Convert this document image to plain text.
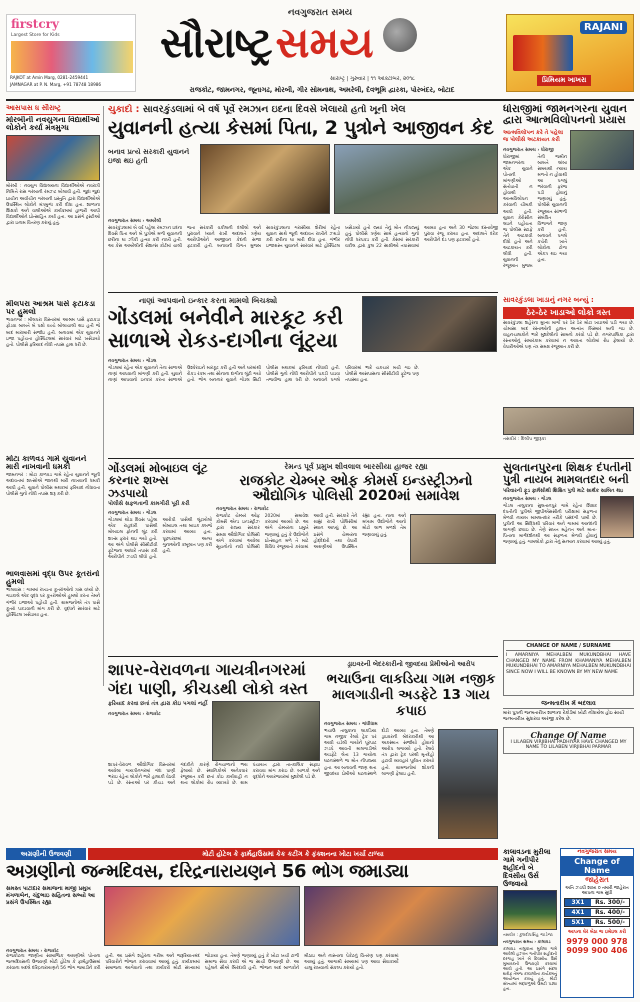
firstcry
Largest Store for Kids
RAJKOT at Amin Marg, 0281-2459441
JAMNAGAR at P. N. Marg, +91 78748 18986
નવગુજરાત સમય
સૌરાષ્ટ્રસમય
સૌરાષ્ટ્ર | ગુરુવાર | ૧૧ ઓક્ટોબર, ૨૦૧૮
રાજકોટ, જામનગર, જૂનાગઢ, મોરબી, ગીર સોમનાથ, અમરેલી, દેવભૂમિ દ્વારકા, પોરબંદર, બોટાદ
RAJANI
પ્રિમિયમ ખાખરા
આસપાસ ધ સૌરાષ્ટ્ર
મોરબીની નવયુગના વિદ્યાર્થીઓ લોકોને કર્યા મંત્રમુગ્ધ
મોરબી : નવયુગ વિદ્યાલયના વિદ્યાર્થીઓએ નવરાત્રી નિમિત્તે રાસ ગરબાની રમઝટ બોલાવી હતી. જુદા જુદા પ્રાચીન અર્વાચીન ગરબાની પ્રસ્તુતિ દ્વારા વિદ્યાર્થીઓએ ઉપસ્થિત લોકોને મંત્રમુગ્ધ કરી દીધા હતા. શાળાના શિક્ષકો અને વાલીઓએ કાર્યક્રમમાં હાજરી આપી વિદ્યાર્થીઓને પ્રોત્સાહિત કર્યા હતા. આ પ્રસંગે ટ્રસ્ટીઓ દ્વારા ઇનામ વિતરણ કરાયું હતું.
મીલપરા આશ્રમ પાસે ફટાકડા પર હુમલો
ભાવનગર : મીલપરા વિસ્તારમાં આશ્રમ પાસે ફટાકડા ફોડવા બાબતે બે પક્ષો વચ્ચે બોલાચાલી થઇ હતી જે બાદ મારામારી સર્જાઇ હતી. બનાવમાં એક યુવાનને ઇજા પહોંચતા હોસ્પિટલમાં સારવાર માટે ખસેડાયો હતો. પોલીસે ફરિયાદ નોંધી તપાસ હાથ ધરી છે.
મોટા કાળવડ ગામે યુવાનને મારી નાખવાની ધમકી
જામનગર : મોટા કાળવડ ગામે રહેતા યુવાનને જૂની અદાવતમાં શખ્સોએ જાનથી મારી નાખવાની ધમકી આપી હતી. યુવાને પોલીસ મથકમાં ફરિયાદ નોંધાવતા પોલીસે ગુનો નોંધી તપાસ શરૂ કરી છે.
ભાલવાસમાં વૃદ્ધ ઉપર કૂતરાંનો હુમલો
ભાલવાસ : ગામમાં રખડતા કૂતરાંઓનો ત્રાસ વધ્યો છે. ગઇકાલે એક વૃદ્ધ પર કૂતરાંઓએ હુમલો કરતા તેમને ગંભીર ઇજાઓ પહોંચી હતી. ગ્રામજનોએ તંત્ર પાસે કૂતરાં પકડવાની માંગ કરી છે. વૃદ્ધને સારવાર માટે હોસ્પિટલ ખસેડાયા હતા.
ચુકાદો : સાવરકુંડલામાં બે વર્ષ પૂર્વે રમઝાન ઇદના દિવસે ખેલાયો હતો ખૂની ખેલ
યુવાનની હત્યા કેસમાં પિતા, 2 પુત્રોને આજીવન કેદ
બનાવ પ્રત્યે સરકારી યુવાનને ઇજા થઇ હતી
નવગુજરાત સમય › અમરેલી
સાવરકુંડલામાં બે વર્ષ પહેલા રમઝાન ઇદના દિવસે પિતા અને બે પુત્રોએ મળી યુવાનની છરીના ઘા ઝીંકી હત્યા કરી નાખી હતી. આ કેસ અમરેલીની સેશન્સ કોર્ટમાં ચાલી જતા સરકારી વકીલની દલીલો અને પુરાવાને ધ્યાને રાખી અદાલતે ત્રણેય આરોપીઓને આજીવન કેદની સજા ફટકારી હતી. બનાવની વિગત મુજબ સાવરકુંડલાના ગરાસીયા શેરીમાં રહેતા યુવાન સાથે જૂની અદાવત રાખીને ઝઘડો કરી છરીના ઘા મારી દીધા હતા. ગંભીર ઇજાગ્રસ્ત યુવાનને સારવાર માટે હોસ્પિટલ ખસેડાયો હતો જ્યાં તેનું મોત નીપજ્યું હતું. પોલીસે ત્રણેય સામે હત્યાનો ગુનો નોંધી ધરપકડ કરી હતી. કેસમાં સરકારી વકીલ દ્વારા કુલ 22 સાક્ષીઓ તપાસવામાં આવ્યા હતા અને 30 જેટલા દસ્તાવેજી પુરાવા રજૂ કરાયા હતા. અદાલતે દરેક આરોપીને દંડ પણ ફટકાર્યો હતો.
ધોરાજીમાં જામનગરના યુવાન દ્વારા આત્મવિલોપનનો પ્રયાસ
આત્મવિલોપન કરે તે પહેલા જ પોલીસે અટકાયત કરી
નવગુજરાત સમય › ધોરાજી
ધોરાજીમાં જામનગરના એક યુવાને પોતાની માંગણીઓ સંતોષાતી ન હોવાથી આત્મવિલોપન કરવાની ચીમકી આપી હતી. યુવાન કેરોસીન લઇને પહોંચતા જ પોલીસ સ્ટાફે તેને અટકાવી દીધો હતો અને અટકાયત કરી લીધી હતી. યુવાનની રજૂઆત મુજબ તેની જમીન બાબતે લાંબા સમયથી ન્યાય મળતો ન હોવાથી આ પગલું ભરવાની ફરજ પડી હોવાનું જણાવ્યું હતું. પોલીસે યુવાનની રજૂઆત સાંભળી સંબંધિત વિભાગને જાણ કરી હતી. બનાવને પગલે કચેરી ખાતે લોકોના ટોળા એકત્ર થઇ ગયા હતા.
નાણાં આપવાનો ઇન્કાર કરતા મામલો બિચક્યો
ગોંડલમાં બનેવીને મારકૂટ કરી સાળાએ રોકડ-દાગીના લૂંટ્યા
નવગુજરાત સમય › ગોંડલ
ગોંડલમાં રહેતા એક યુવાનને તેના સાળાએ નાણાં આપવાની માંગણી કરી હતી. યુવાને નાણાં આપવાનો ઇન્કાર કરતા સાળાએ ઉશ્કેરાઇને મારકૂટ કરી હતી અને ઘરમાંથી રોકડ રકમ તથા સોનાના દાગીના લૂંટી ગયો હતો. ભોગ બનનાર યુવાને ગોંડલ સિટી પોલીસ મથકમાં ફરિયાદ નોંધાવી હતી. પોલીસે ગુનો નોંધી આરોપીને પકડી પાડવા તજવીજ હાથ ધરી છે. બનાવને પગલે પરિવારમાં ભારે ચકચાર મચી ગઇ છે. પોલીસે આસપાસના સીસીટીવી ફૂટેજ પણ તપાસ્યા હતા.
સાવરકુંડલા ખાડાનું નગર બન્યું :
ઠેર-ઠેર ખાડાઓ લોકો ત્રસ્ત
સાવરકુંડલા શહેરના મુખ્ય માર્ગો પર ઠેર ઠેર મોટા ખાડાઓ પડી ગયા છે. ચોમાસા બાદ રસ્તાઓની હાલત અત્યંત બિસ્માર બની ગઇ છે. વાહનચાલકોને ભારે મુશ્કેલીનો સામનો કરવો પડે છે. નગરપાલિકા દ્વારા રસ્તાઓનું સમારકામ કરવામાં ન આવતા લોકોમાં રોષ ફેલાયો છે. વેપારીઓએ પણ તંત્ર સમક્ષ રજૂઆત કરી છે.
તસવીર : દિલીપ જીરૂકા
ગોંડલમાં મોબાઇલ લૂંટ કરનાર શખ્સ ઝડપાયો
પોલીસે સફળતાની કામગીરી પૂરી કરી
નવગુજરાત સમય › ગોંડલ
ગોંડલમાં થોડા દિવસ પહેલા એક રાહદારી પાસેથી મોબાઇલ ફોનની લૂંટ કરી શખ્સ ફરાર થઇ ગયો હતો. આ અંગે પોલીસે સીસીટીવી ફૂટેજના આધારે તપાસ કરી આરોપીને ઝડપી લીધો હતો. આરોપી પાસેથી લૂંટાયેલો મોબાઇલ તથા બાઇક કબજે કરવામાં આવ્યા હતા. પૂછપરછમાં અન્ય ગુનાઓની કબૂલાત પણ કરી હતી.
રેમન્ડ પૂર્વ પ્રમુખ શીવલાલ બારસીયા હાજર રહ્યા
રાજકોટ ચેમ્બર ઓફ કોમર્સ ઇન્ડસ્ટ્રીઝનો ઔદ્યોગિક પોલિસી 2020માં સમાવેશ
નવગુજરાત સમય › રાજકોટ
રાજકોટ ચેમ્બર ઓફ કોમર્સ એન્ડ ઇન્ડસ્ટ્રીઝ દ્વારા રાજ્ય સરકાર સમક્ષ ઔદ્યોગિક પોલિસી અંગે કરવામાં આવેલા સૂચનોનો નવી પોલિસી 2020માં સમાવેશ કરવામાં આવ્યો છે. આ અંગે ચેમ્બરના પ્રમુખે જણાવ્યું હતું કે ઉદ્યોગોને પ્રોત્સાહન મળે તે માટે વિવિધ રજૂઆતો કરવામાં આવી હતી. સરકારે તેને ગ્રાહ્ય રાખી પોલિસીમાં સ્થાન આપ્યું છે. આ પ્રસંગે ચેમ્બરના હોદ્દેદારો તથા વેપારી અગ્રણીઓ ઉપસ્થિત રહ્યા હતા. નાના અને મધ્યમ ઉદ્યોગોને આનો મોટો લાભ મળશે તેમ જણાવાયું હતું.
સુલતાનપુરના શિક્ષક દંપતીની પુત્રી નાયબ મામલતદાર બની
પરિવારની ફૂડ ફાર્મસીથી શિક્ષિત પુત્રી માટે સાર્થક સાબિત થઇ
નવગુજરાત સમય › ગોંડલ
ગોંડલ તાલુકાના સુલતાનપુર ગામે રહેતા શિક્ષક દંપતીની પુત્રીએ જીપીએસસીની પરીક્ષામાં સફળતા મેળવી નાયબ મામલતદાર તરીકે પસંદગી પામી છે. પુત્રીની આ સિદ્ધિથી પરિવાર અને ગામમાં આનંદની લાગણી છવાઇ છે. તેણે સખત મહેનત અને માતા-પિતાના માર્ગદર્શનથી આ સફળતા મેળવી હોવાનું જણાવ્યું હતું. ગામલોકો દ્વારા તેનું સન્માન કરવામાં આવ્યું હતું.
CHANGE OF NAME / SURNAME
I AMARNIYA MEHALBEN MUKUNDBHAI HAVE CHANGED MY NAME FROM KHAMANIYA MEHALBEN MUKUNDBHAI TO AMARNIYA MEHALBEN MUKUNDBHAI SINCE NOW I WILL BE KNOWN BY MY NEW NAME
શાપર-વેરાવળના ગાયત્રીનગરમાં ગંદા પાણી, કીચડથી લોકો ત્રસ્ત
ફરિયાદ કરવા છતાં તંત્ર દ્વારા કોઇ પગલાં નહીં
નવગુજરાત સમય › રાજકોટ
શાપર-વેરાવળ ઔદ્યોગિક વિસ્તારમાં આવેલા ગાયત્રીનગરમાં ગંદા પાણી ભરાઇ રહેતા લોકોને ભારે હાલાકી વેઠવી પડે છે. રસ્તાઓ પર કીચડ અને ગંદકીને કારણે રોગચાળાનો ભય ફેલાયો છે. સ્થાનિકોએ અનેકવાર રજૂઆત કરી છતાં કોઇ કાર્યવાહી ન થતા લોકોમાં રોષ વ્યાપ્યો છે. ગ્રામ પંચાયત દ્વારા તાત્કાલિક સફાઇ કરાવવા માંગ કરાઇ છે. બાળકો અને વૃદ્ધોને અવરજવરમાં મુશ્કેલી પડે છે.
ડ્રાઇવરની બેદરકારીનો જીવદયા પ્રેમીઓનો આરોપ
ભચાઉના લાકડિયા ગામ નજીક માલગાડીની અડફેટે 13 ગાય કપાઇ
નવગુજરાત સમય › ગાંધીધામ
ભચાઉ તાલુકાના લાકડિયા ગામ નજીક રેલવે ટ્રેક પર આવી ચડેલી ગાયોને પૂરપાટ ઝડપે આવતી માલગાડીએ અડફેટે લેતા 13 ગાયોના ઘટનાસ્થળે જ મોત નીપજ્યા હતા. આ બનાવની જાણ થતા જીવદયા પ્રેમીઓ ઘટનાસ્થળે દોડી આવ્યા હતા. તેમણે ડ્રાઇવરની બેદરકારીથી આ અકસ્માત સર્જાયો હોવાનો આરોપ લગાવ્યો હતો. રેલવે તંત્ર દ્વારા ટ્રેક પરથી મૃતદેહો હટાવી વ્યવહાર પૂર્વવત કરાયો હતો. ગ્રામજનોમાં શોકની લાગણી ફેલાઇ હતી.
જન્મતારીખ મેં બદલાવ
મારા પુત્રની જન્મતારીખ શાળાના રેકોર્ડમાં ખોટી નોંધાયેલ હોઇ સાચી જન્મતારીખ સુધારવા અરજી કરેલ છે.
Change Of Name
I LILABEN VIRJIBHAI PADHIYAR HAVE CHANGED MY NAME TO LILABEN VIRJIBHAI PARMAR
અગ્રણીની ઉજવણી	મોટી હોટેલ કે ફાર્મહાઉસમાં કેક કટીંગ કે ફંક્શનના ખોટા ખર્ચા ટાળ્યા
અગ્રણીનો જન્મદિવસ, દરિદ્રનારાયણને 56 ભોગ જમાડ્યા
સમસ્ત પાટીદાર સમાજના માજી પ્રમુખ મંગળાબેન, ચંદુભાઇ સહિતના સભ્યો આ પ્રસંગે ઉપસ્થિત રહ્યા
નવગુજરાત સમય › રાજકોટ
રાજકોટના જાણીતા સામાજિક અગ્રણીએ પોતાના જન્મદિવસની ઉજવણી મોટી હોટેલ કે ફાર્મહાઉસમાં કરવાના બદલે દરિદ્રનારાયણને 56 ભોગ જમાડીને કરી હતી. આ પ્રસંગે શહેરના ગરીબ અને જરૂરિયાતમંદ પરિવારોને ભોજન કરાવવામાં આવ્યું હતું. કાર્યક્રમમાં સમાજના આગેવાનો તથા કાર્યકરો મોટી સંખ્યામાં જોડાયા હતા. તેમણે જણાવ્યું હતું કે ખોટા ખર્ચા ટાળી સમાજ સેવા કરવી એ જ સાચી ઉજવણી છે. આ પહેલને સૌએ બિરદાવી હતી. ભોજન બાદ બાળકોને મીઠાઇ અને નાસ્તાના પેકેટનું વિતરણ પણ કરવામાં આવ્યું હતું. આગામી સમયમાં પણ આવા સેવાકાર્યો ચાલુ રાખવાનો સંકલ્પ કરાયો હતો.
નવગુજરાત સમય
Change of Name
જાહેરાત
અતિ ઝડપી શાખા ૦ તમારી જાહેરાત આપના ગામ સુધી
3X1	Rs. 300/-
4X1	Rs. 400/-
5X1	Rs. 500/-
આપના ઘેર બેઠા જ ઇમેઇલ કરો
9979 000 978
9099 900 406
કાલાવડના મુરીલા ગામે ગનીપીર શહીદનો બે દિવસીય ઉર્સ ઉજવાયો
તસવીર : કુલદીપસિંહ જાડેજા
નવગુજરાત સમય › કાલાવડ
કાલાવડ તાલુકાના મુરીલા ગામે આવેલી હઝરત ગનીપીર શહીદની દરગાહ ખાતે બે દિવસીય ઉર્સ મુબારકની ઉજવણી કરવામાં આવી હતી. આ પ્રસંગે સંદલ શરીફ તેમજ કવ્વાલીના કાર્યક્રમનું આયોજન કરાયું હતું. મોટી સંખ્યામાં શ્રદ્ધાળુઓ ઉમટી પડ્યા હતા.
